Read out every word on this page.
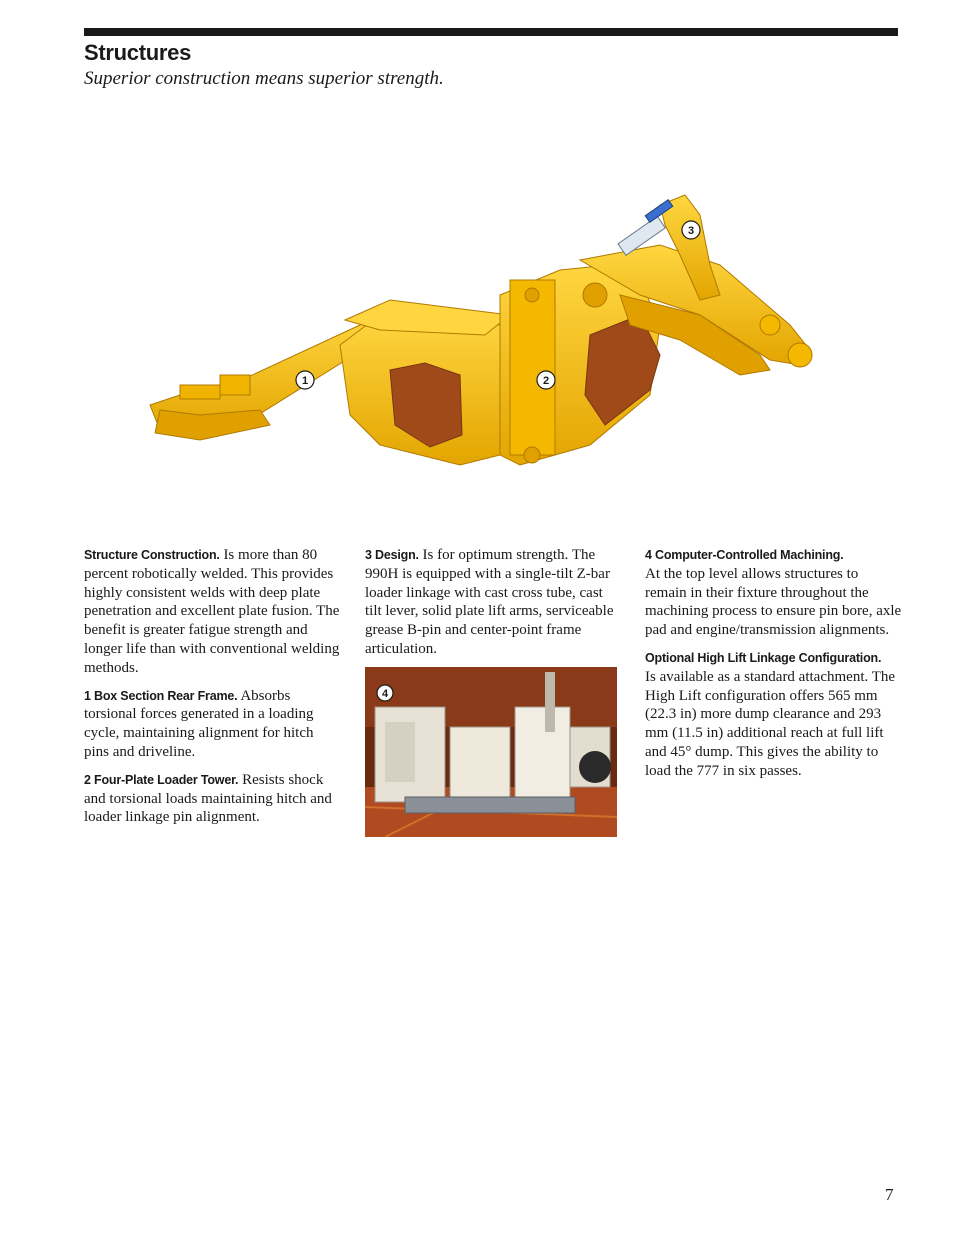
Structures

Superior construction means superior strength.

1	2
3

Structure Construction. Is more than 80 percent robotically welded. This provides highly consistent welds with deep plate penetration and excellent plate fusion. The benefit is greater fatigue strength and longer life than with conventional welding methods.

1 Box Section Rear Frame. Absorbs torsional forces generated in a loading cycle, maintaining alignment for hitch pins and driveline.

2 Four-Plate Loader Tower. Resists shock and torsional loads maintaining hitch and loader linkage pin alignment.

3 Design. Is for optimum strength. The 990H is equipped with a single-tilt Z-bar loader linkage with cast cross tube, cast tilt lever, solid plate lift arms, serviceable grease B-pin and center-point frame articulation.

4

4 Computer-Controlled Machining.
At the top level allows structures to remain in their fixture throughout the machining process to ensure pin bore, axle pad and engine/transmission alignments.

Optional High Lift Linkage Configuration.
Is available as a standard attachment. The High Lift configuration offers 565 mm (22.3 in) more dump clearance and 293 mm (11.5 in) additional reach at full lift and 45° dump. This gives the ability to load the 777 in six passes.

7
